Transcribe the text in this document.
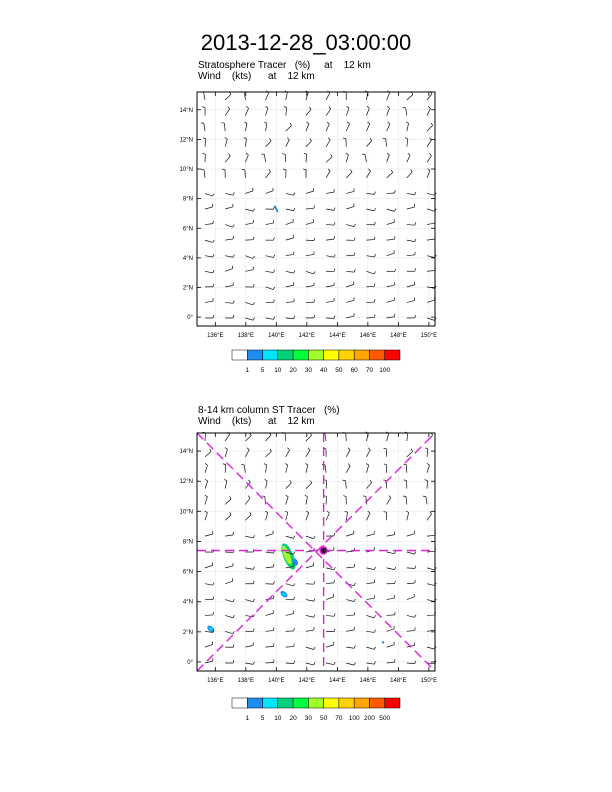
2013-12-28_03:00:00
Stratosphere Tracer   (%)     at    12 km
Wind    (kts)      at    12 km
8-14 km column ST Tracer   (%)
Wind    (kts)      at    12 km
136°E 138°E 140°E 142°E 144°E 146°E 148°E 150°E
0°
2°N
4°N
6°N
8°N
10°N
12°N
14°N
1 5 10 20 30 40 50 60 70 100
136°E 138°E 140°E 142°E 144°E 146°E 148°E 150°E
0°
2°N
4°N
6°N
8°N
10°N
12°N
14°N
1 5 10 20 30 50 70 100 200 500
